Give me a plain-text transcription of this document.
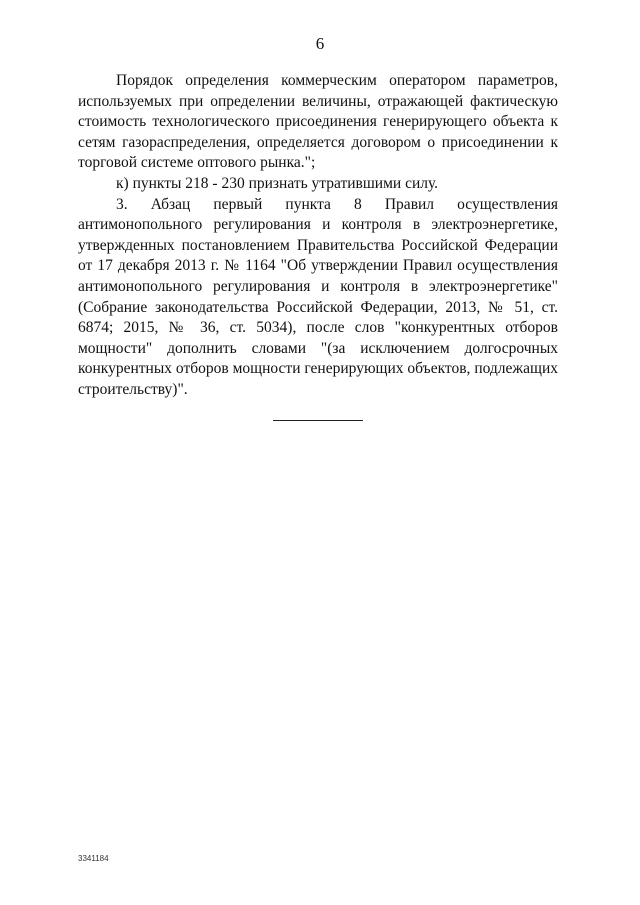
6

Порядок определения коммерческим оператором параметров, используемых при определении величины, отражающей фактическую стоимость технологического присоединения генерирующего объекта к сетям газораспределения, определяется договором о присоединении к торговой системе оптового рынка.";

к) пункты 218 - 230 признать утратившими силу.

3. Абзац первый пункта 8 Правил осуществления антимонопольного регулирования и контроля в электроэнергетике, утвержденных постановлением Правительства Российской Федерации от 17 декабря 2013 г. № 1164 "Об утверждении Правил осуществления антимонопольного регулирования и контроля в электроэнергетике" (Собрание законодательства Российской Федерации, 2013, № 51, ст. 6874; 2015, № 36, ст. 5034), после слов "конкурентных отборов мощности" дополнить словами "(за исключением долгосрочных конкурентных отборов мощности генерирующих объектов, подлежащих строительству)".

3341184
